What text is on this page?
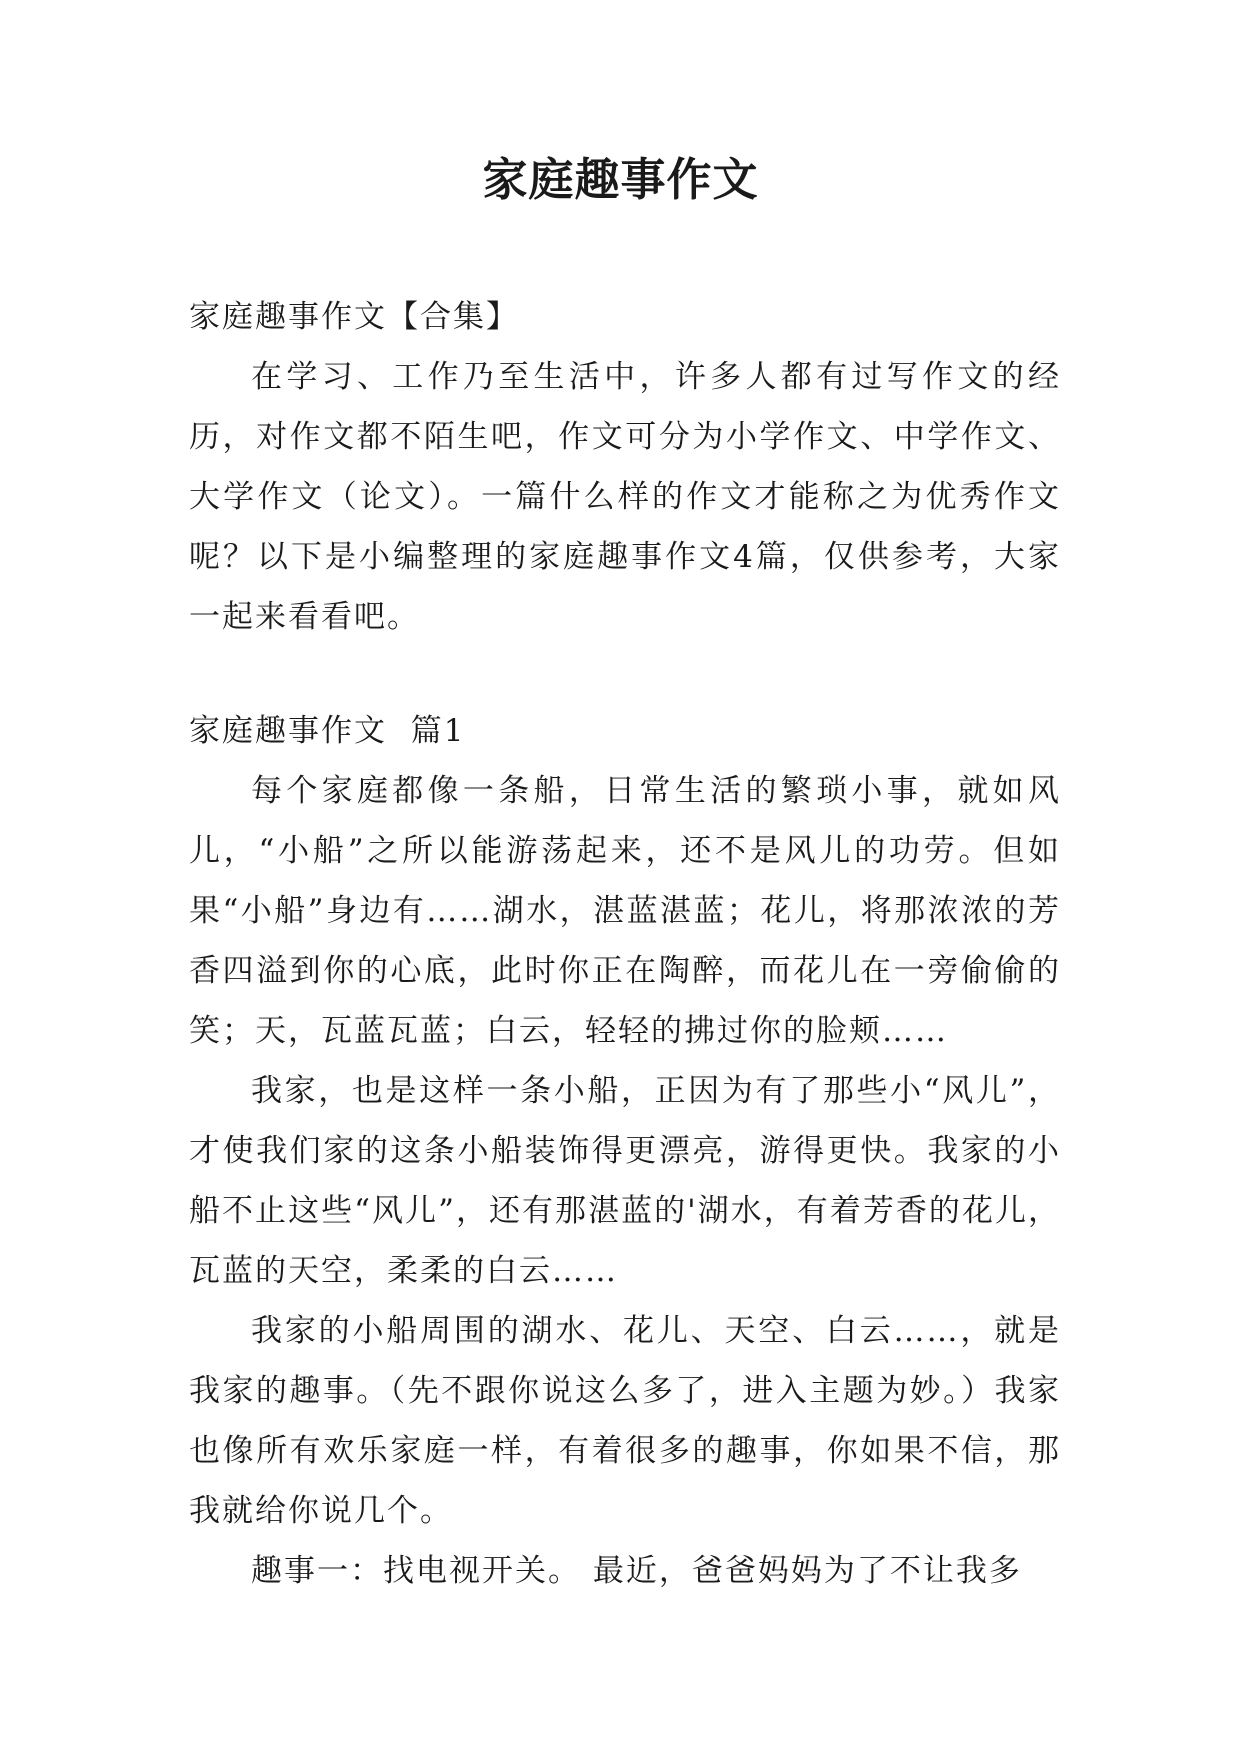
家庭趣事作文

家庭趣事作文【合集】

在学习、工作乃至生活中，许多人都有过写作文的经历，对作文都不陌生吧，作文可分为小学作文、中学作文、大学作文（论文）。一篇什么样的作文才能称之为优秀作文呢？以下是小编整理的家庭趣事作文4篇，仅供参考，大家一起来看看吧。

家庭趣事作文  篇1

每个家庭都像一条船，日常生活的繁琐小事，就如风儿，“小船”之所以能游荡起来，还不是风儿的功劳。但如果“小船”身边有……湖水，湛蓝湛蓝；花儿，将那浓浓的芳香四溢到你的心底，此时你正在陶醉，而花儿在一旁偷偷的笑；天，瓦蓝瓦蓝；白云，轻轻的拂过你的脸颊……

我家，也是这样一条小船，正因为有了那些小“风儿”，才使我们家的这条小船装饰得更漂亮，游得更快。我家的小船不止这些“风儿”，还有那湛蓝的'湖水，有着芳香的花儿，瓦蓝的天空，柔柔的白云……

我家的小船周围的湖水、花儿、天空、白云……，就是我家的趣事。（先不跟你说这么多了，进入主题为妙。）我家也像所有欢乐家庭一样，有着很多的趣事，你如果不信，那我就给你说几个。

趣事一：找电视开关。 最近，爸爸妈妈为了不让我多
